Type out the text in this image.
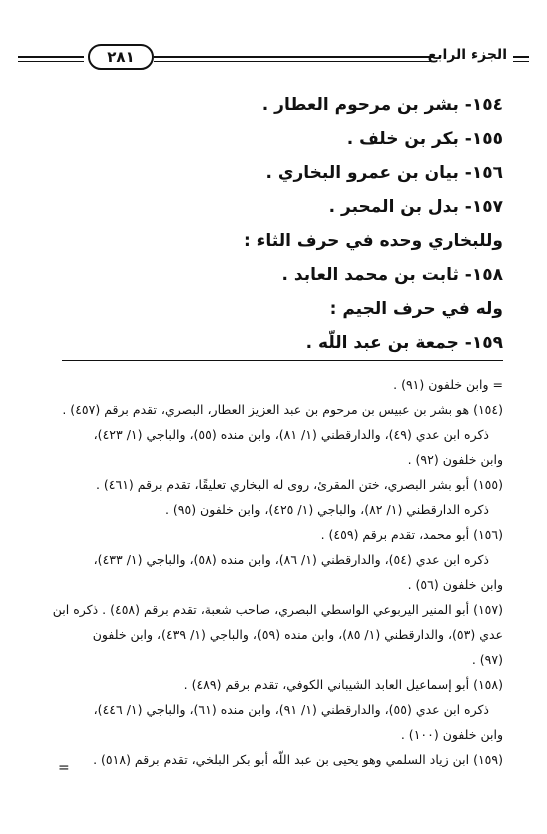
٢٨١	الجزء الرابع
١٥٤- بشر بن مرحوم العطار .
١٥٥- بكر بن خلف .
١٥٦- بيان بن عمرو البخاري .
١٥٧- بدل بن المحبر .
وللبخاري وحده في حرف الثاء :
١٥٨- ثابت بن محمد العابد .
وله في حرف الجيم :
١٥٩- جمعة بن عبد اللّه .
= وابن خلفون (٩١) .
(١٥٤) هو بشر بن عبيس بن مرحوم بن عبد العزيز العطار، البصري، تقدم برقم (٤٥٧) .
ذكره ابن عدي (٤٩)، والدارقطني (١/ ٨١)، وابن منده (٥٥)، والباجي (١/ ٤٢٣)،
وابن خلفون (٩٢) .
(١٥٥) أبو بشر البصري، ختن المقرئ، روى له البخاري تعليقًا، تقدم برقم (٤٦١) .
ذكره الدارقطني (١/ ٨٢)، والباجي (١/ ٤٢٥)، وابن خلفون (٩٥) .
(١٥٦) أبو محمد، تقدم برقم (٤٥٩) .
ذكره ابن عدي (٥٤)، والدارقطني (١/ ٨٦)، وابن منده (٥٨)، والباجي (١/ ٤٣٣)،
وابن خلفون (٥٦) .
(١٥٧) أبو المنير اليربوعي الواسطي البصري، صاحب شعبة، تقدم برقم (٤٥٨) . ذكره ابن
عدي (٥٣)، والدارقطني (١/ ٨٥)، وابن منده (٥٩)، والباجي (١/ ٤٣٩)، وابن خلفون
(٩٧) .
(١٥٨) أبو إسماعيل العابد الشيباني الكوفي، تقدم برقم (٤٨٩) .
ذكره ابن عدي (٥٥)، والدارقطني (١/ ٩١)، وابن منده (٦١)، والباجي (١/ ٤٤٦)،
وابن خلفون (١٠٠) .
(١٥٩) ابن زياد السلمي وهو يحيى بن عبد اللّه أبو بكر البلخي، تقدم برقم (٥١٨) .
=
